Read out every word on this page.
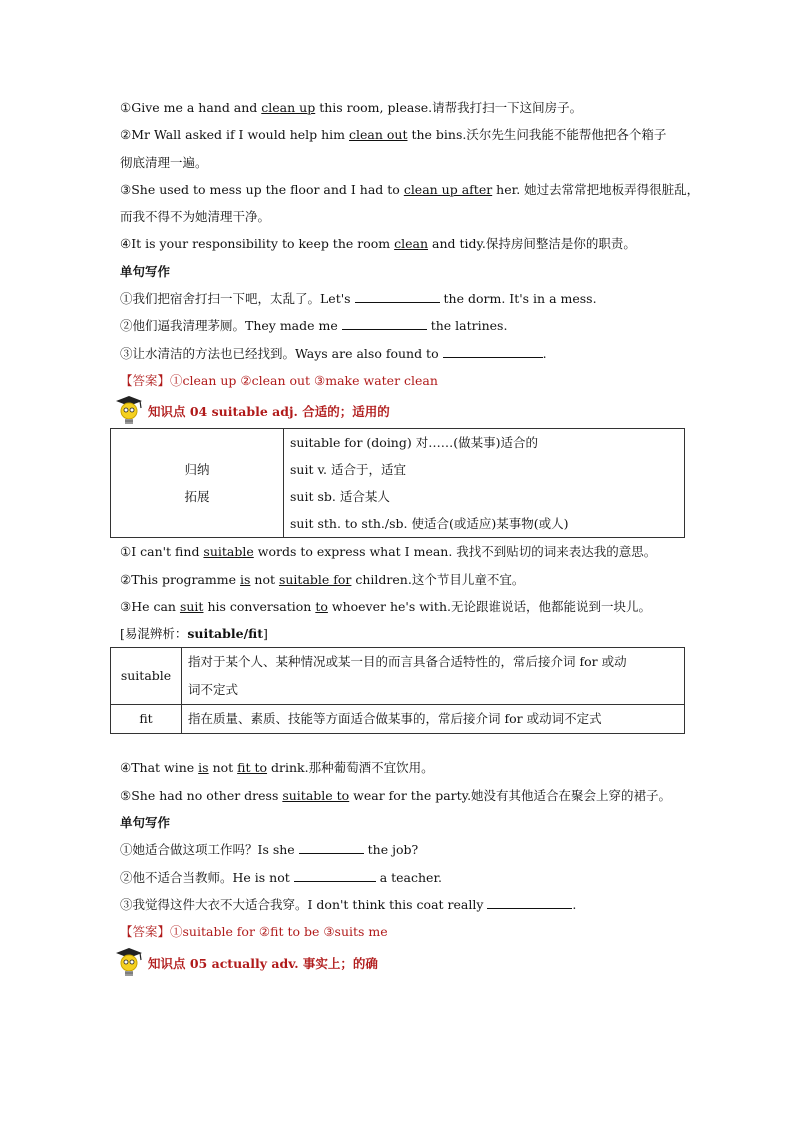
①Give me a hand and clean up this room, please.请帮我打扫一下这间房子。
②Mr Wall asked if I would help him clean out the bins.沃尔先生问我能不能帮他把各个箱子
彻底清理一遍。
③She used to mess up the floor and I had to clean up after her. 她过去常常把地板弄得很脏乱，
而我不得不为她清理干净。
④It is your responsibility to keep the room clean and tidy.保持房间整洁是你的职责。
单句写作
①我们把宿舍打扫一下吧，太乱了。Let's	the dorm. It's in a mess.
②他们逼我清理茅厕。They made me	the latrines.
③让水清洁的方法也已经找到。Ways are also found to	.
【答案】①clean up ②clean out ③make water clean
知识点 04 suitable adj. 合适的；适用的
归纳
拓展

suitable for (doing) 对……(做某事)适合的
suit v. 适合于，适宜
suit sb. 适合某人
suit sth. to sth./sb. 使适合(或适应)某事物(或人)
①I can't find suitable words to express what I mean. 我找不到贴切的词来表达我的意思。
②This programme is not suitable for children.这个节目儿童不宜。
③He can suit his conversation to whoever he's with.无论跟谁说话，他都能说到一块儿。
[易混辨析：suitable/fit]
suitable	指对于某个人、某种情况或某一目的而言具备合适特性的，常后接介词 for 或动
词不定式

fit	指在质量、素质、技能等方面适合做某事的，常后接介词 for 或动词不定式
④That wine is not fit to drink.那种葡萄酒不宜饮用。
⑤She had no other dress suitable to wear for the party.她没有其他适合在聚会上穿的裙子。
单句写作
①她适合做这项工作吗？Is she	the job?
②他不适合当教师。He is not	a teacher.
③我觉得这件大衣不大适合我穿。I don't think this coat really	.
【答案】①suitable for ②fit to be ③suits me
知识点 05 actually adv. 事实上；的确
